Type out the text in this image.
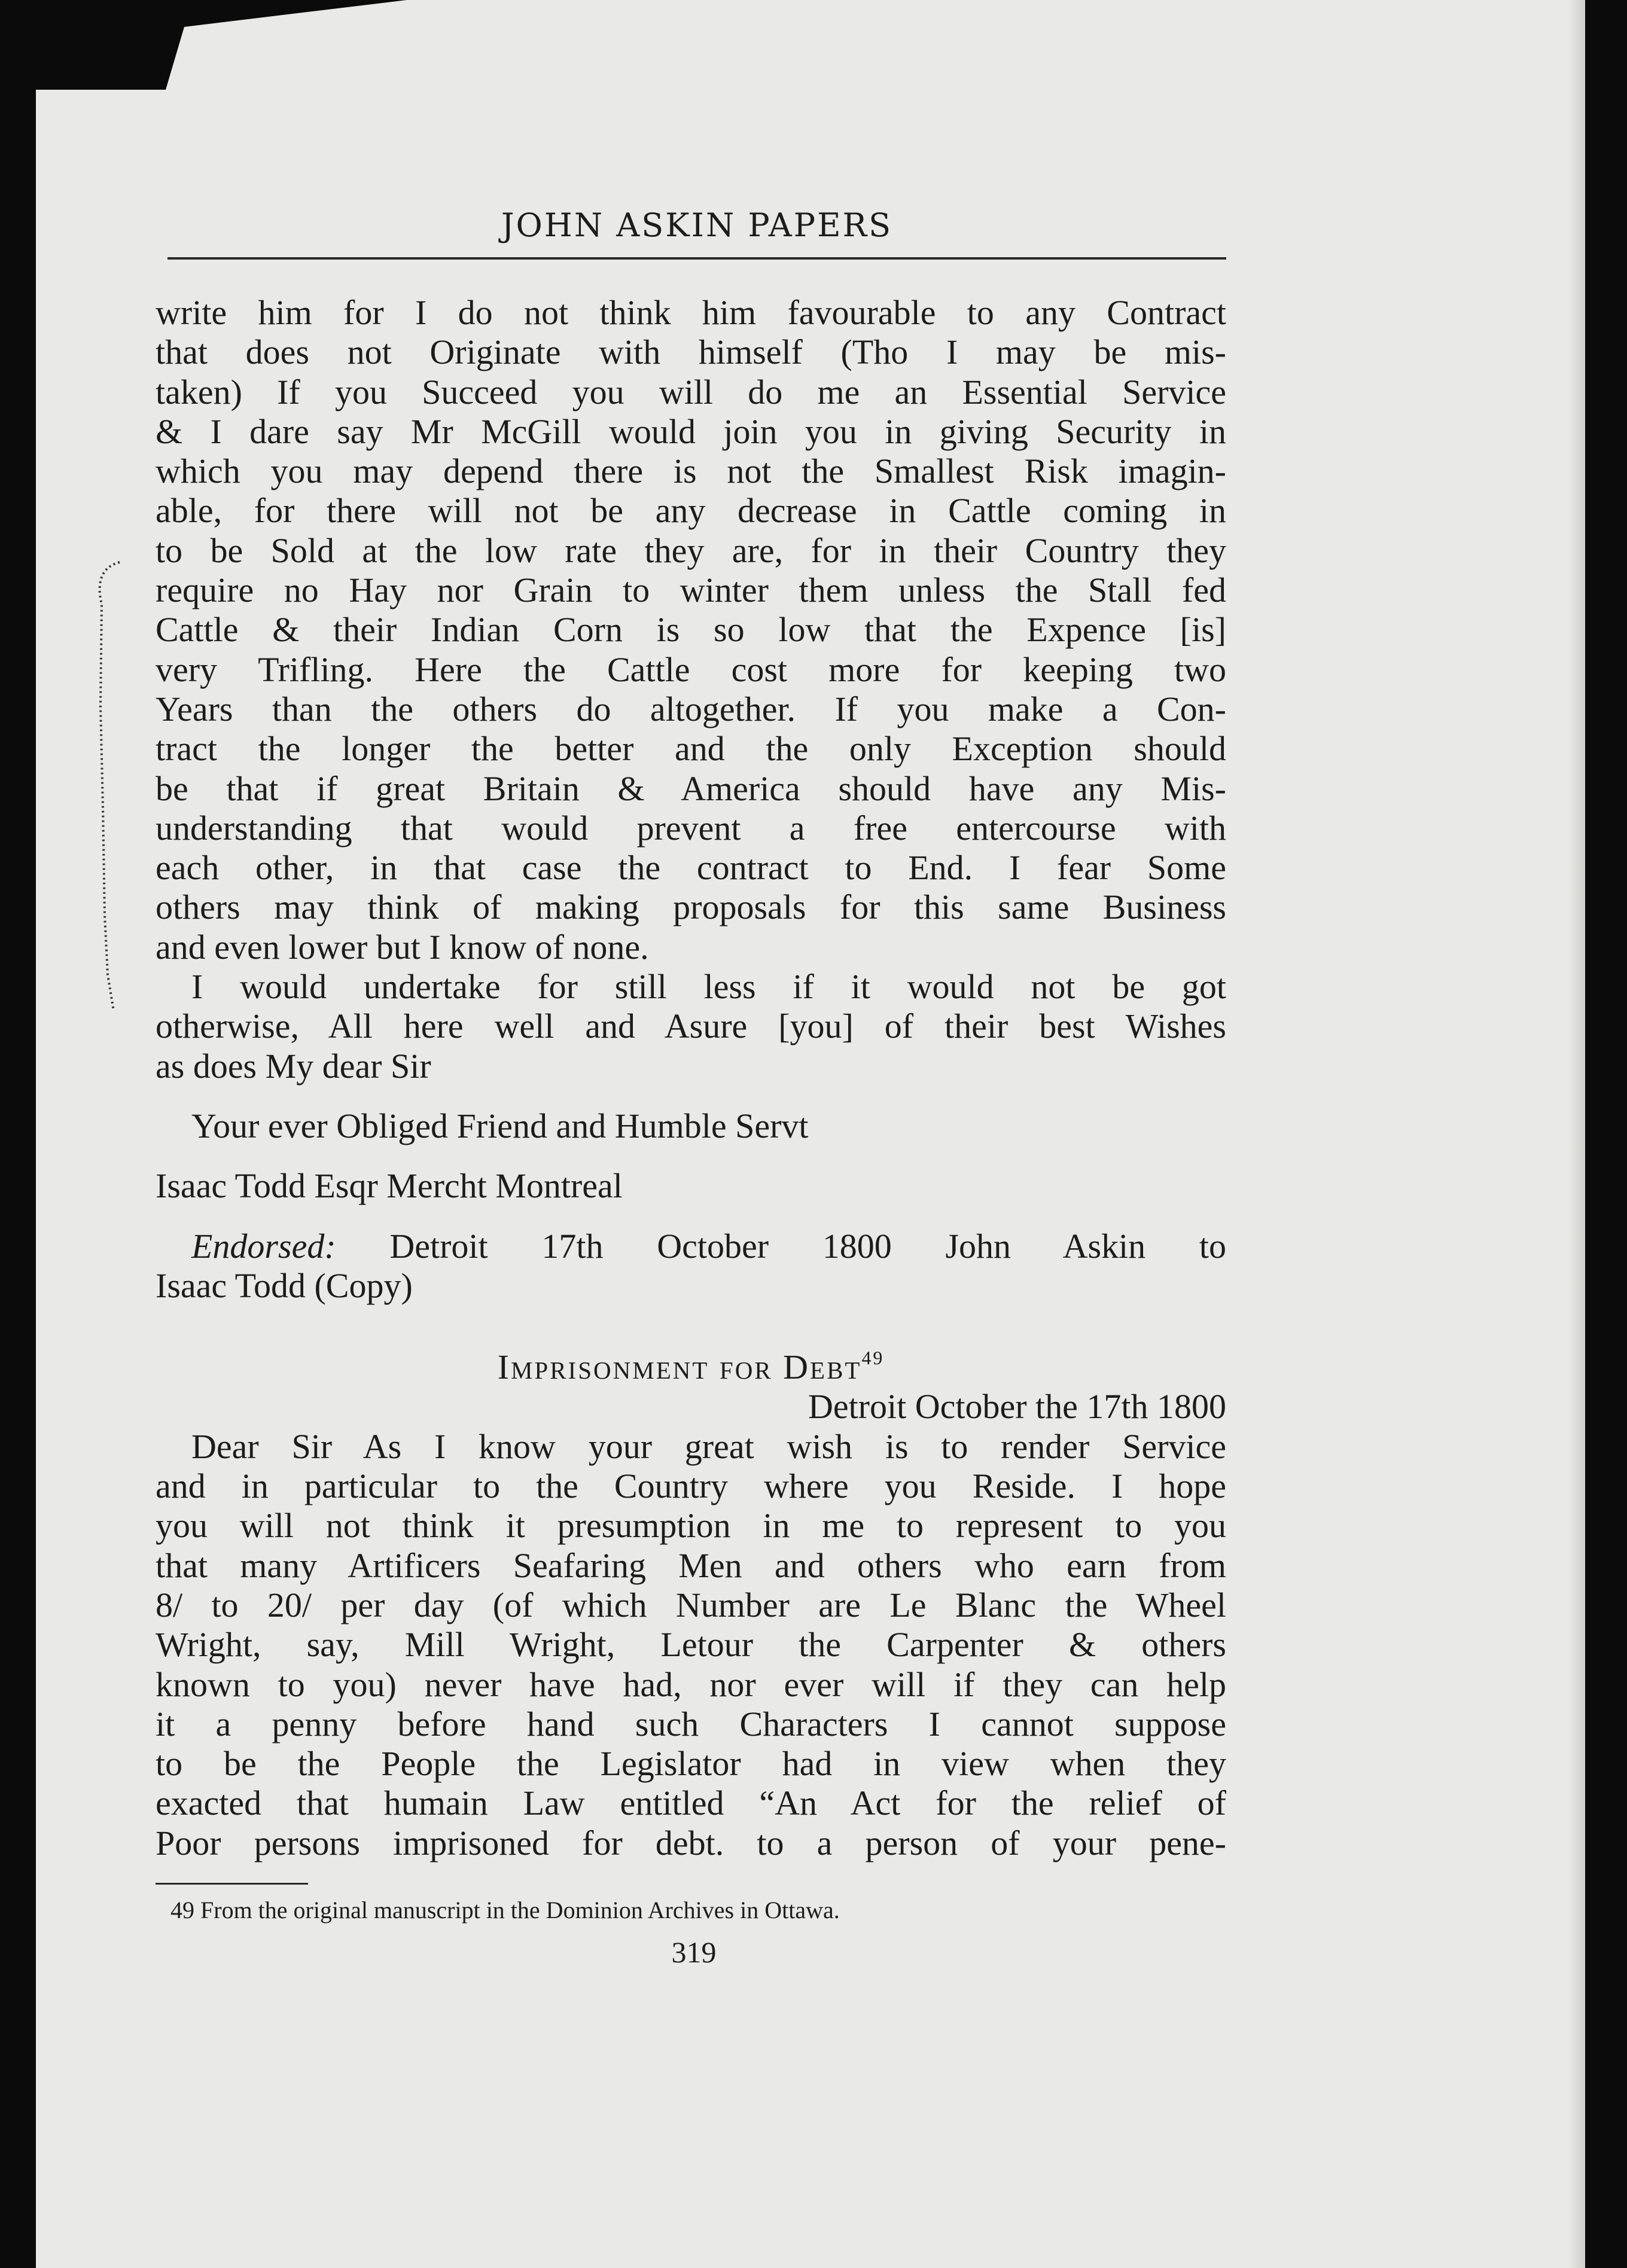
JOHN ASKIN PAPERS
write him for I do not think him favourable to any Contract
that does not Originate with himself (Tho I may be mis-
taken) If you Succeed you will do me an Essential Service
& I dare say Mr McGill would join you in giving Security in
which you may depend there is not the Smallest Risk imagin-
able, for there will not be any decrease in Cattle coming in
to be Sold at the low rate they are, for in their Country they
require no Hay nor Grain to winter them unless the Stall fed
Cattle & their Indian Corn is so low that the Expence [is]
very Trifling. Here the Cattle cost more for keeping two
Years than the others do altogether. If you make a Con-
tract the longer the better and the only Exception should
be that if great Britain & America should have any Mis-
understanding that would prevent a free entercourse with
each other, in that case the contract to End. I fear Some
others may think of making proposals for this same Business
and even lower but I know of none.
I would undertake for still less if it would not be got
otherwise, All here well and Asure [you] of their best Wishes
as does My dear Sir
Your ever Obliged Friend and Humble Servt
Isaac Todd Esqr Mercht Montreal
Endorsed: Detroit 17th October 1800 John Askin to
Isaac Todd (Copy)
Imprisonment for Debt$^{49}$
Detroit October the 17th 1800
Dear Sir As I know your great wish is to render Service
and in particular to the Country where you Reside. I hope
you will not think it presumption in me to represent to you
that many Artificers Seafaring Men and others who earn from
8/ to 20/ per day (of which Number are Le Blanc the Wheel
Wright, say, Mill Wright, Letour the Carpenter & others
known to you) never have had, nor ever will if they can help
it a penny before hand such Characters I cannot suppose
to be the People the Legislator had in view when they
exacted that humain Law entitled “An Act for the relief of
Poor persons imprisoned for debt. to a person of your pene-
49 From the original manuscript in the Dominion Archives in Ottawa.
319
